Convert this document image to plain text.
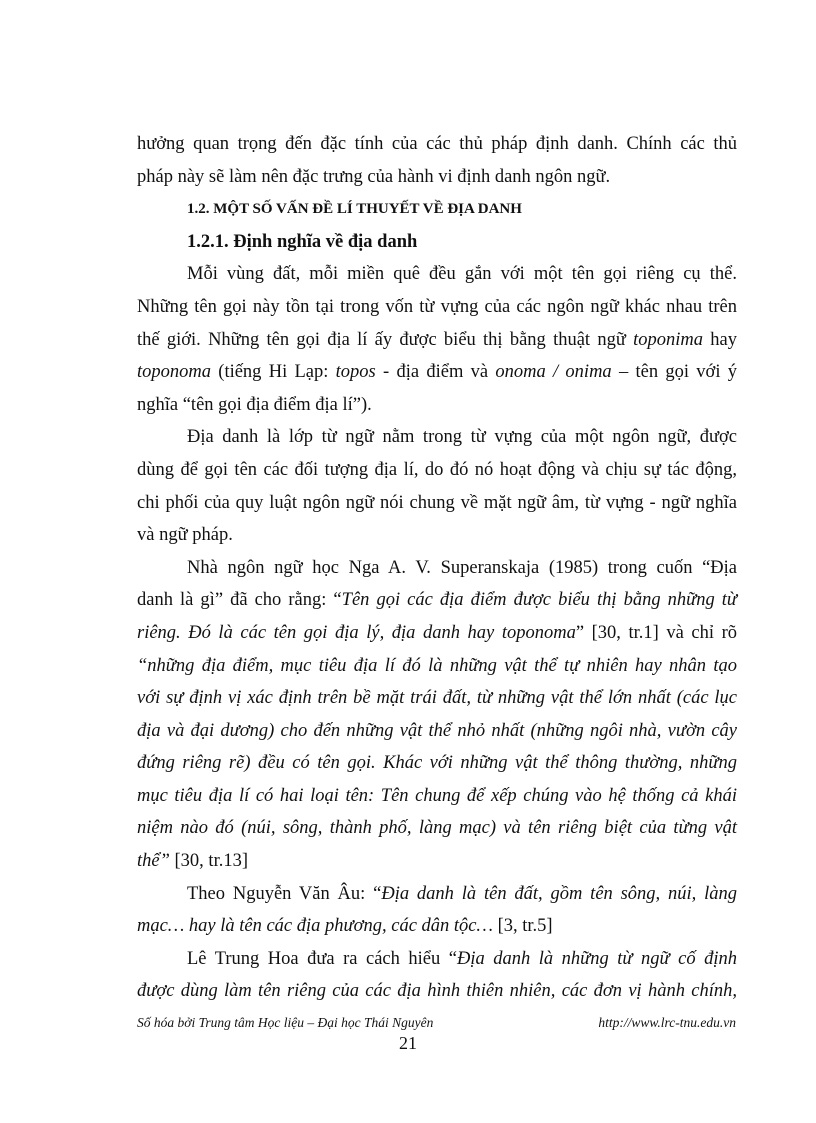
hưởng quan trọng đến đặc tính của các thủ pháp định danh. Chính các thủ
pháp này sẽ làm nên đặc trưng của hành vi định danh ngôn ngữ.
1.2. MỘT SỐ VẤN ĐỀ LÍ THUYẾT VỀ ĐỊA DANH
1.2.1. Định nghĩa về địa danh
Mỗi vùng đất, mỗi miền quê đều gắn với một tên gọi riêng cụ thể.
Những tên gọi này tồn tại trong vốn từ vựng của các ngôn ngữ khác nhau trên
thế giới. Những tên gọi địa lí ấy được biểu thị bằng thuật ngữ toponima hay
toponoma (tiếng Hi Lạp: topos - địa điểm và onoma / onima – tên gọi với ý
nghĩa “tên gọi địa điểm địa lí”).
Địa danh là lớp từ ngữ nằm trong từ vựng của một ngôn ngữ, được
dùng để gọi tên các đối tượng địa lí, do đó nó hoạt động và chịu sự tác động,
chi phối của quy luật ngôn ngữ nói chung về mặt ngữ âm, từ vựng - ngữ nghĩa
và ngữ pháp.
Nhà ngôn ngữ học Nga A. V. Superanskaja (1985) trong cuốn “Địa
danh là gì” đã cho rằng: “Tên gọi các địa điểm được biểu thị bằng những từ
riêng. Đó là các tên gọi địa lý, địa danh hay toponoma” [30, tr.1] và chỉ rõ
“những địa điểm, mục tiêu địa lí đó là những vật thể tự nhiên hay nhân tạo
với sự định vị xác định trên bề mặt trái đất, từ những vật thể lớn nhất (các lục
địa và đại dương) cho đến những vật thể nhỏ nhất (những ngôi nhà, vườn cây
đứng riêng rẽ) đều có tên gọi. Khác với những vật thể thông thường, những
mục tiêu địa lí có hai loại tên: Tên chung để xếp chúng vào hệ thống cả khái
niệm nào đó (núi, sông, thành phố, làng mạc) và tên riêng biệt của từng vật
thể” [30, tr.13]
Theo Nguyễn Văn Âu: “Địa danh là tên đất, gồm tên sông, núi, làng
mạc… hay là tên các địa phương, các dân tộc… [3, tr.5]
Lê Trung Hoa đưa ra cách hiểu “Địa danh là những từ ngữ cố định
được dùng làm tên riêng của các địa hình thiên nhiên, các đơn vị hành chính,
Số hóa bởi Trung tâm Học liệu – Đại học Thái Nguyên	http://www.lrc-tnu.edu.vn
21
